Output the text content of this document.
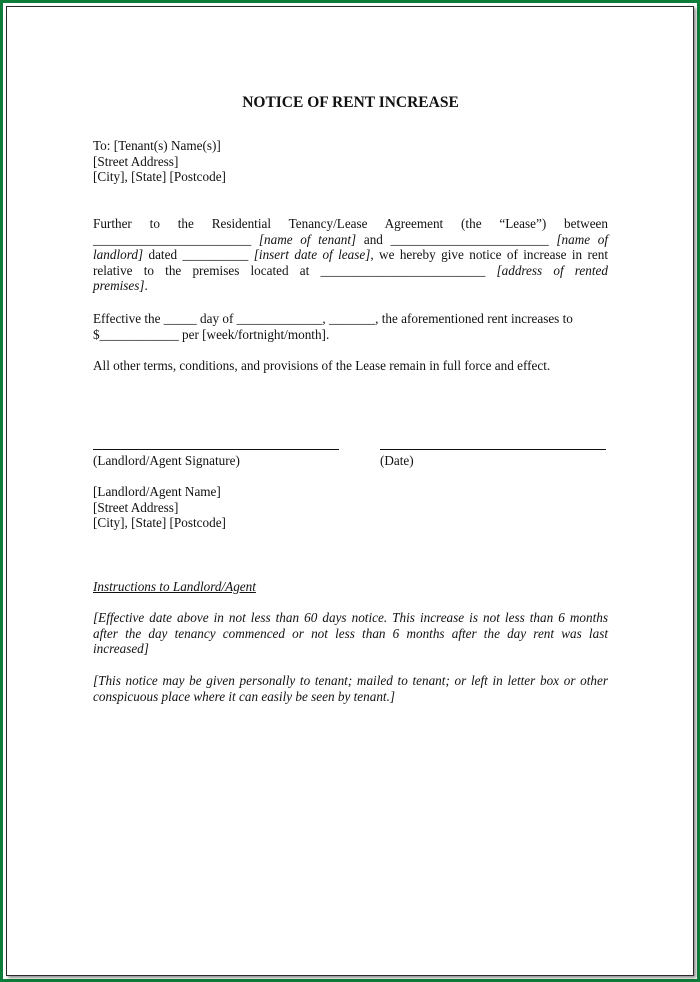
NOTICE OF RENT INCREASE
To: [Tenant(s) Name(s)]
[Street Address]
[City], [State] [Postcode]
Further to the Residential Tenancy/Lease Agreement (the “Lease”) between
________________________ [name of tenant] and ________________________ [name of
landlord] dated __________ [insert date of lease], we hereby give notice of increase in rent
relative to the premises located at _________________________ [address of rented
premises].
Effective the _____ day of _____________, _______, the aforementioned rent increases to
$____________ per [week/fortnight/month].
All other terms, conditions, and provisions of the Lease remain in full force and effect.
(Landlord/Agent Signature)	(Date)
[Landlord/Agent Name]
[Street Address]
[City], [State] [Postcode]
Instructions to Landlord/Agent
[Effective date above in not less than 60 days notice. This increase is not less than 6 months
after the day tenancy commenced or not less than 6 months after the day rent was last
increased]
[This notice may be given personally to tenant; mailed to tenant; or left in letter box or other
conspicuous place where it can easily be seen by tenant.]
